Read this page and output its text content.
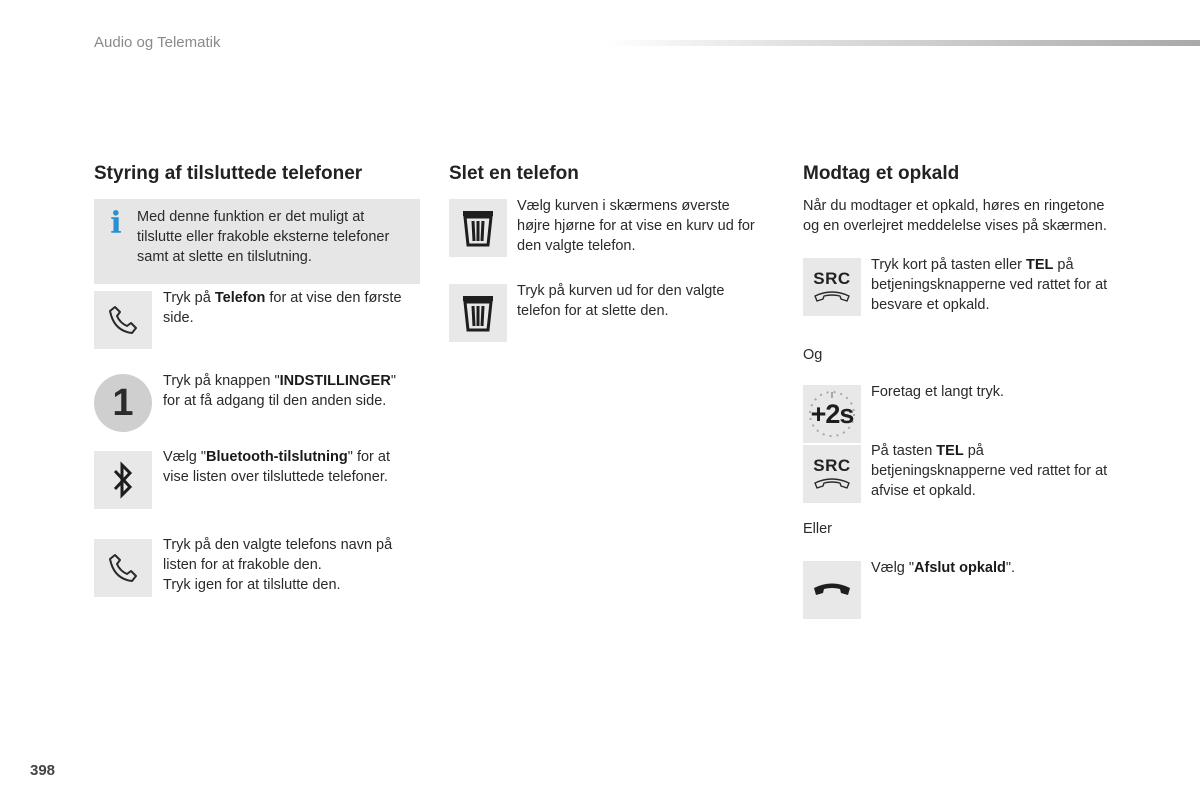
Audio og Telematik
Styring af tilsluttede telefoner
i Med denne funktion er det muligt at
tilslutte eller frakoble eksterne telefoner
samt at slette en tilslutning.
Tryk på Telefon for at vise den første
side.
1
Tryk på knappen "INDSTILLINGER"
for at få adgang til den anden side.
Vælg "Bluetooth-tilslutning" for at
vise listen over tilsluttede telefoner.
Tryk på den valgte telefons navn på
listen for at frakoble den.
Tryk igen for at tilslutte den.
Slet en telefon
Vælg kurven i skærmens øverste
højre hjørne for at vise en kurv ud for
den valgte telefon.
Tryk på kurven ud for den valgte
telefon for at slette den.
Modtag et opkald
Når du modtager et opkald, høres en ringetone
og en overlejret meddelelse vises på skærmen.
SRC
Tryk kort på tasten eller TEL på
betjeningsknapperne ved rattet for at
besvare et opkald.
Og
+2s
Foretag et langt tryk.
SRC
På tasten TEL på
betjeningsknapperne ved rattet for at
afvise et opkald.
Eller
Vælg "Afslut opkald".
398
